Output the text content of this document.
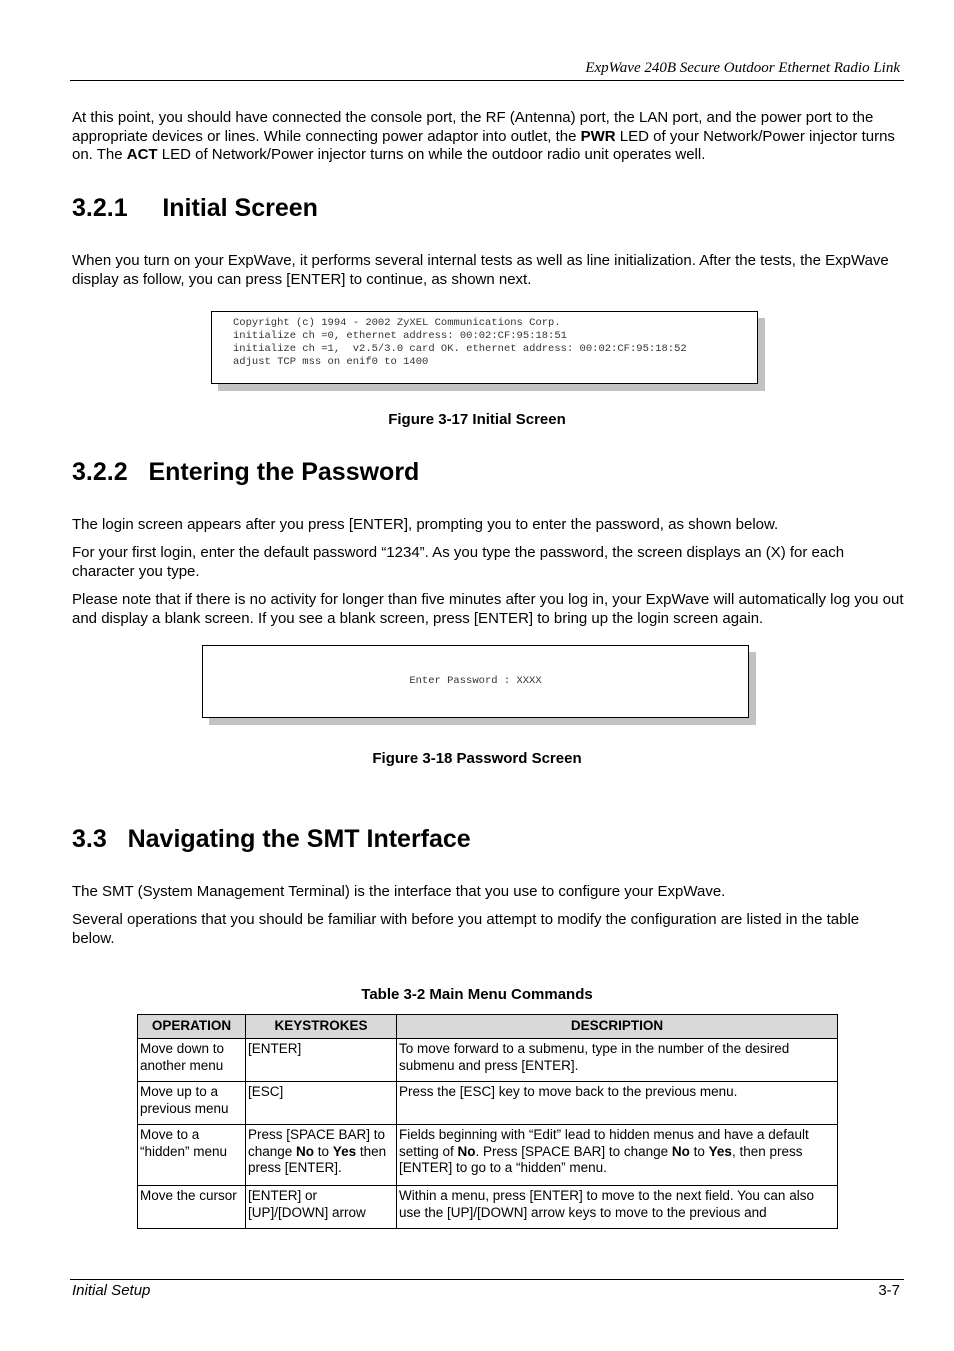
ExpWave 240B Secure Outdoor Ethernet Radio Link

At this point, you should have connected the console port, the RF (Antenna) port, the LAN port, and the power port to the appropriate devices or lines. While connecting power adaptor into outlet, the PWR LED of your Network/Power injector turns on. The ACT LED of Network/Power injector turns on while the outdoor radio unit operates well.

3.2.1     Initial Screen

When you turn on your ExpWave, it performs several internal tests as well as line initialization. After the tests, the ExpWave display as follow, you can press [ENTER] to continue, as shown next.

Copyright (c) 1994 - 2002 ZyXEL Communications Corp.
initialize ch =0, ethernet address: 00:02:CF:95:18:51
initialize ch =1,  v2.5/3.0 card OK. ethernet address: 00:02:CF:95:18:52
adjust TCP mss on enif0 to 1400

Figure 3-17 Initial Screen

3.2.2   Entering the Password

The login screen appears after you press [ENTER], prompting you to enter the password, as shown below.

For your first login, enter the default password “1234”. As you type the password, the screen displays an (X) for each character you type.

Please note that if there is no activity for longer than five minutes after you log in, your ExpWave will automatically log you out and display a blank screen. If you see a blank screen, press [ENTER] to bring up the login screen again.

Enter Password : XXXX

Figure 3-18 Password Screen

3.3   Navigating the SMT Interface

The SMT (System Management Terminal) is the interface that you use to configure your ExpWave.

Several operations that you should be familiar with before you attempt to modify the configuration are listed in the table below.

Table 3-2 Main Menu Commands

OPERATION	KEYSTROKES	DESCRIPTION
Move down to another menu	[ENTER]	To move forward to a submenu, type in the number of the desired submenu and press [ENTER].
Move up to a previous menu	[ESC]	Press the [ESC] key to move back to the previous menu.
Move to a “hidden” menu	Press [SPACE BAR] to change No to Yes then press [ENTER].	Fields beginning with “Edit” lead to hidden menus and have a default setting of No. Press [SPACE BAR] to change No to Yes, then press [ENTER] to go to a “hidden” menu.
Move the cursor	[ENTER] or [UP]/[DOWN] arrow	Within a menu, press [ENTER] to move to the next field. You can also use the [UP]/[DOWN] arrow keys to move to the previous and
Initial Setup	3-7
